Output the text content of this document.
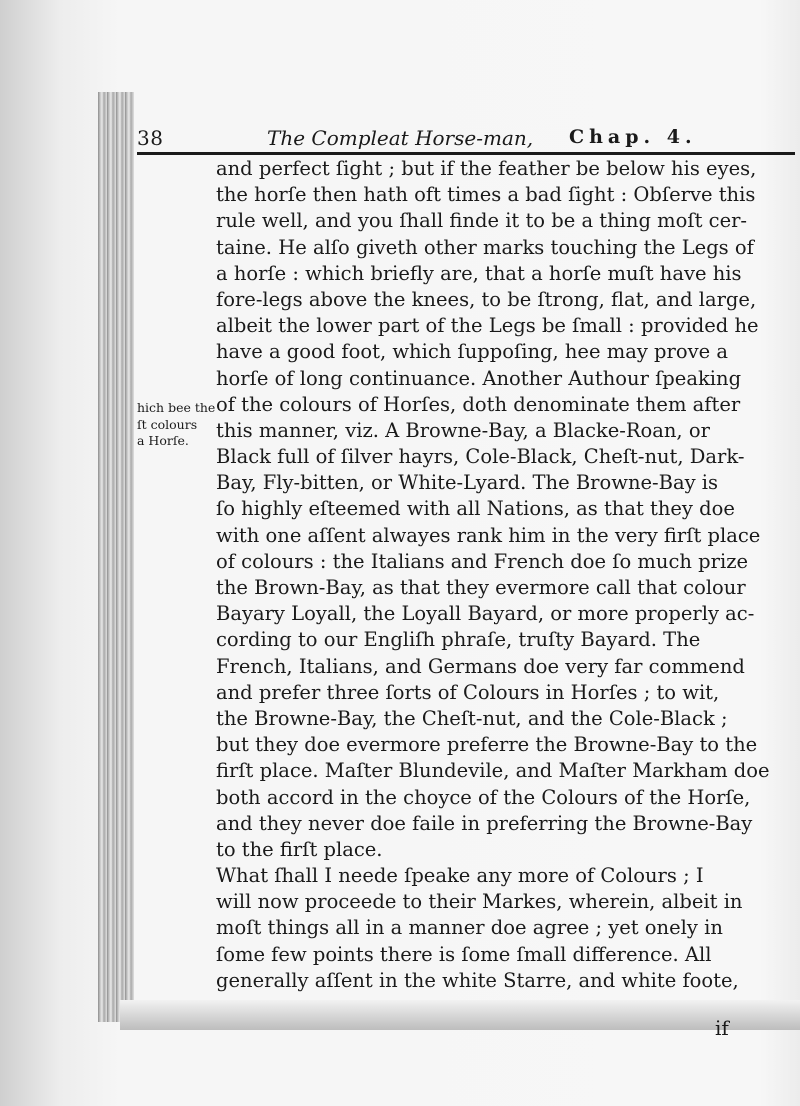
38	The Compleat Horse-man, Chap. 4.
hich bee the
ſt colours
a Horſe.
and perfect ſight ; but if the feather be below his eyes,
the horſe then hath oft times a bad ſight : Obſerve this
rule well, and you ſhall finde it to be a thing moſt cer-
taine. He alſo giveth other marks touching the Legs of
a horſe : which briefly are, that a horſe muſt have his
fore-legs above the knees, to be ſtrong, flat, and large,
albeit the lower part of the Legs be ſmall : provided he
have a good foot, which ſuppoſing, hee may prove a
horſe of long continuance. Another Authour ſpeaking
of the colours of Horſes, doth denominate them after
this manner, viz. A Browne-Bay, a Blacke-Roan, or
Black full of ſilver hayrs, Cole-Black, Cheſt-nut, Dark-
Bay, Fly-bitten, or White-Lyard. The Browne-Bay is
ſo highly eſteemed with all Nations, as that they doe
with one aſſent alwayes rank him in the very firſt place
of colours : the Italians and French doe ſo much prize
the Brown-Bay, as that they evermore call that colour
Bayary Loyall, the Loyall Bayard, or more properly ac-
cording to our Engliſh phraſe, truſty Bayard. The
French, Italians, and Germans doe very far commend
and prefer three ſorts of Colours in Horſes ; to wit,
the Browne-Bay, the Cheſt-nut, and the Cole-Black ;
but they doe evermore preferre the Browne-Bay to the
firſt place. Maſter Blundevile, and Maſter Markham doe
both accord in the choyce of the Colours of the Horſe,
and they never doe faile in preferring the Browne-Bay
to the firſt place.
What ſhall I neede ſpeake any more of Colours ; I
will now proceede to their Markes, wherein, albeit in
moſt things all in a manner doe agree ; yet onely in
ſome few points there is ſome ſmall difference. All
generally aſſent in the white Starre, and white foote,
if
